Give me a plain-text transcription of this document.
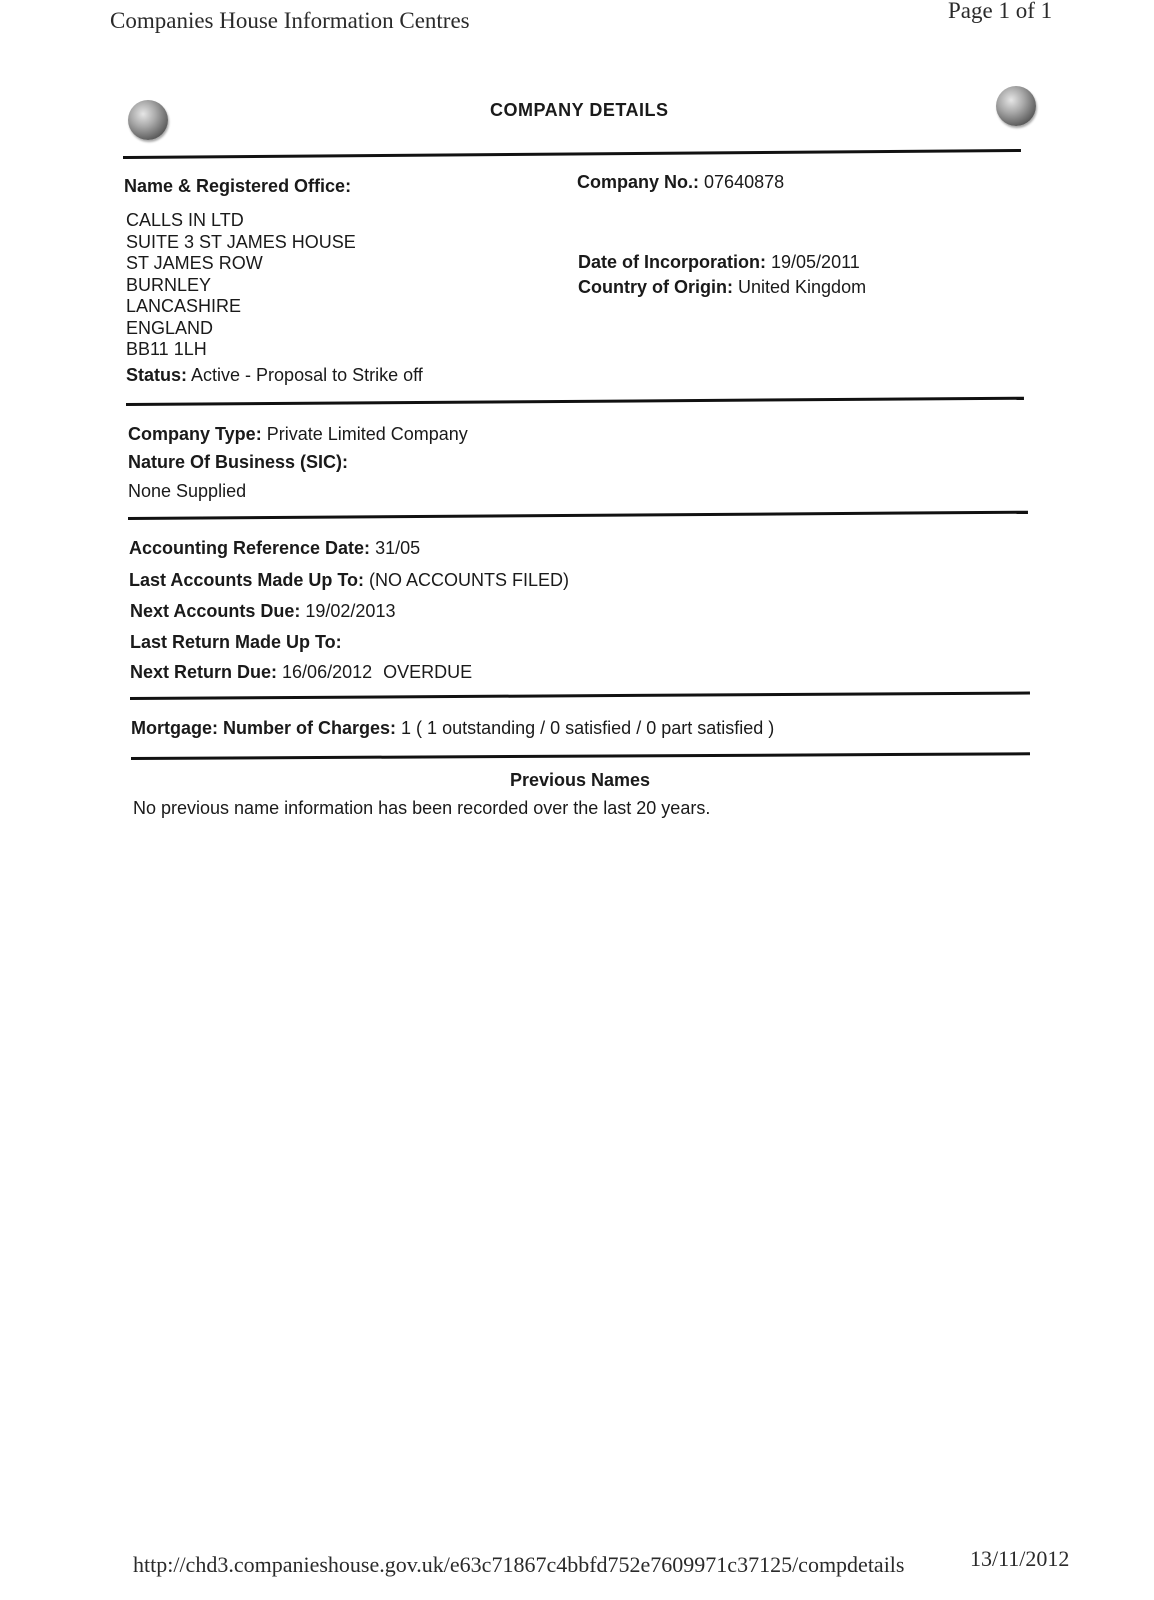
Companies House Information Centres	Page 1 of 1
COMPANY DETAILS
Name & Registered Office:
CALLS IN LTD
SUITE 3 ST JAMES HOUSE
ST JAMES ROW
BURNLEY
LANCASHIRE
ENGLAND
BB11 1LH
Status: Active - Proposal to Strike off
Company No.: 07640878
Date of Incorporation: 19/05/2011
Country of Origin: United Kingdom
Company Type: Private Limited Company
Nature Of Business (SIC):
None Supplied
Accounting Reference Date: 31/05
Last Accounts Made Up To: (NO ACCOUNTS FILED)
Next Accounts Due: 19/02/2013
Last Return Made Up To:
Next Return Due: 16/06/2012 OVERDUE
Mortgage: Number of Charges: 1 ( 1 outstanding / 0 satisfied / 0 part satisfied )
Previous Names
No previous name information has been recorded over the last 20 years.
http://chd3.companieshouse.gov.uk/e63c71867c4bbfd752e7609971c37125/compdetails	13/11/2012
